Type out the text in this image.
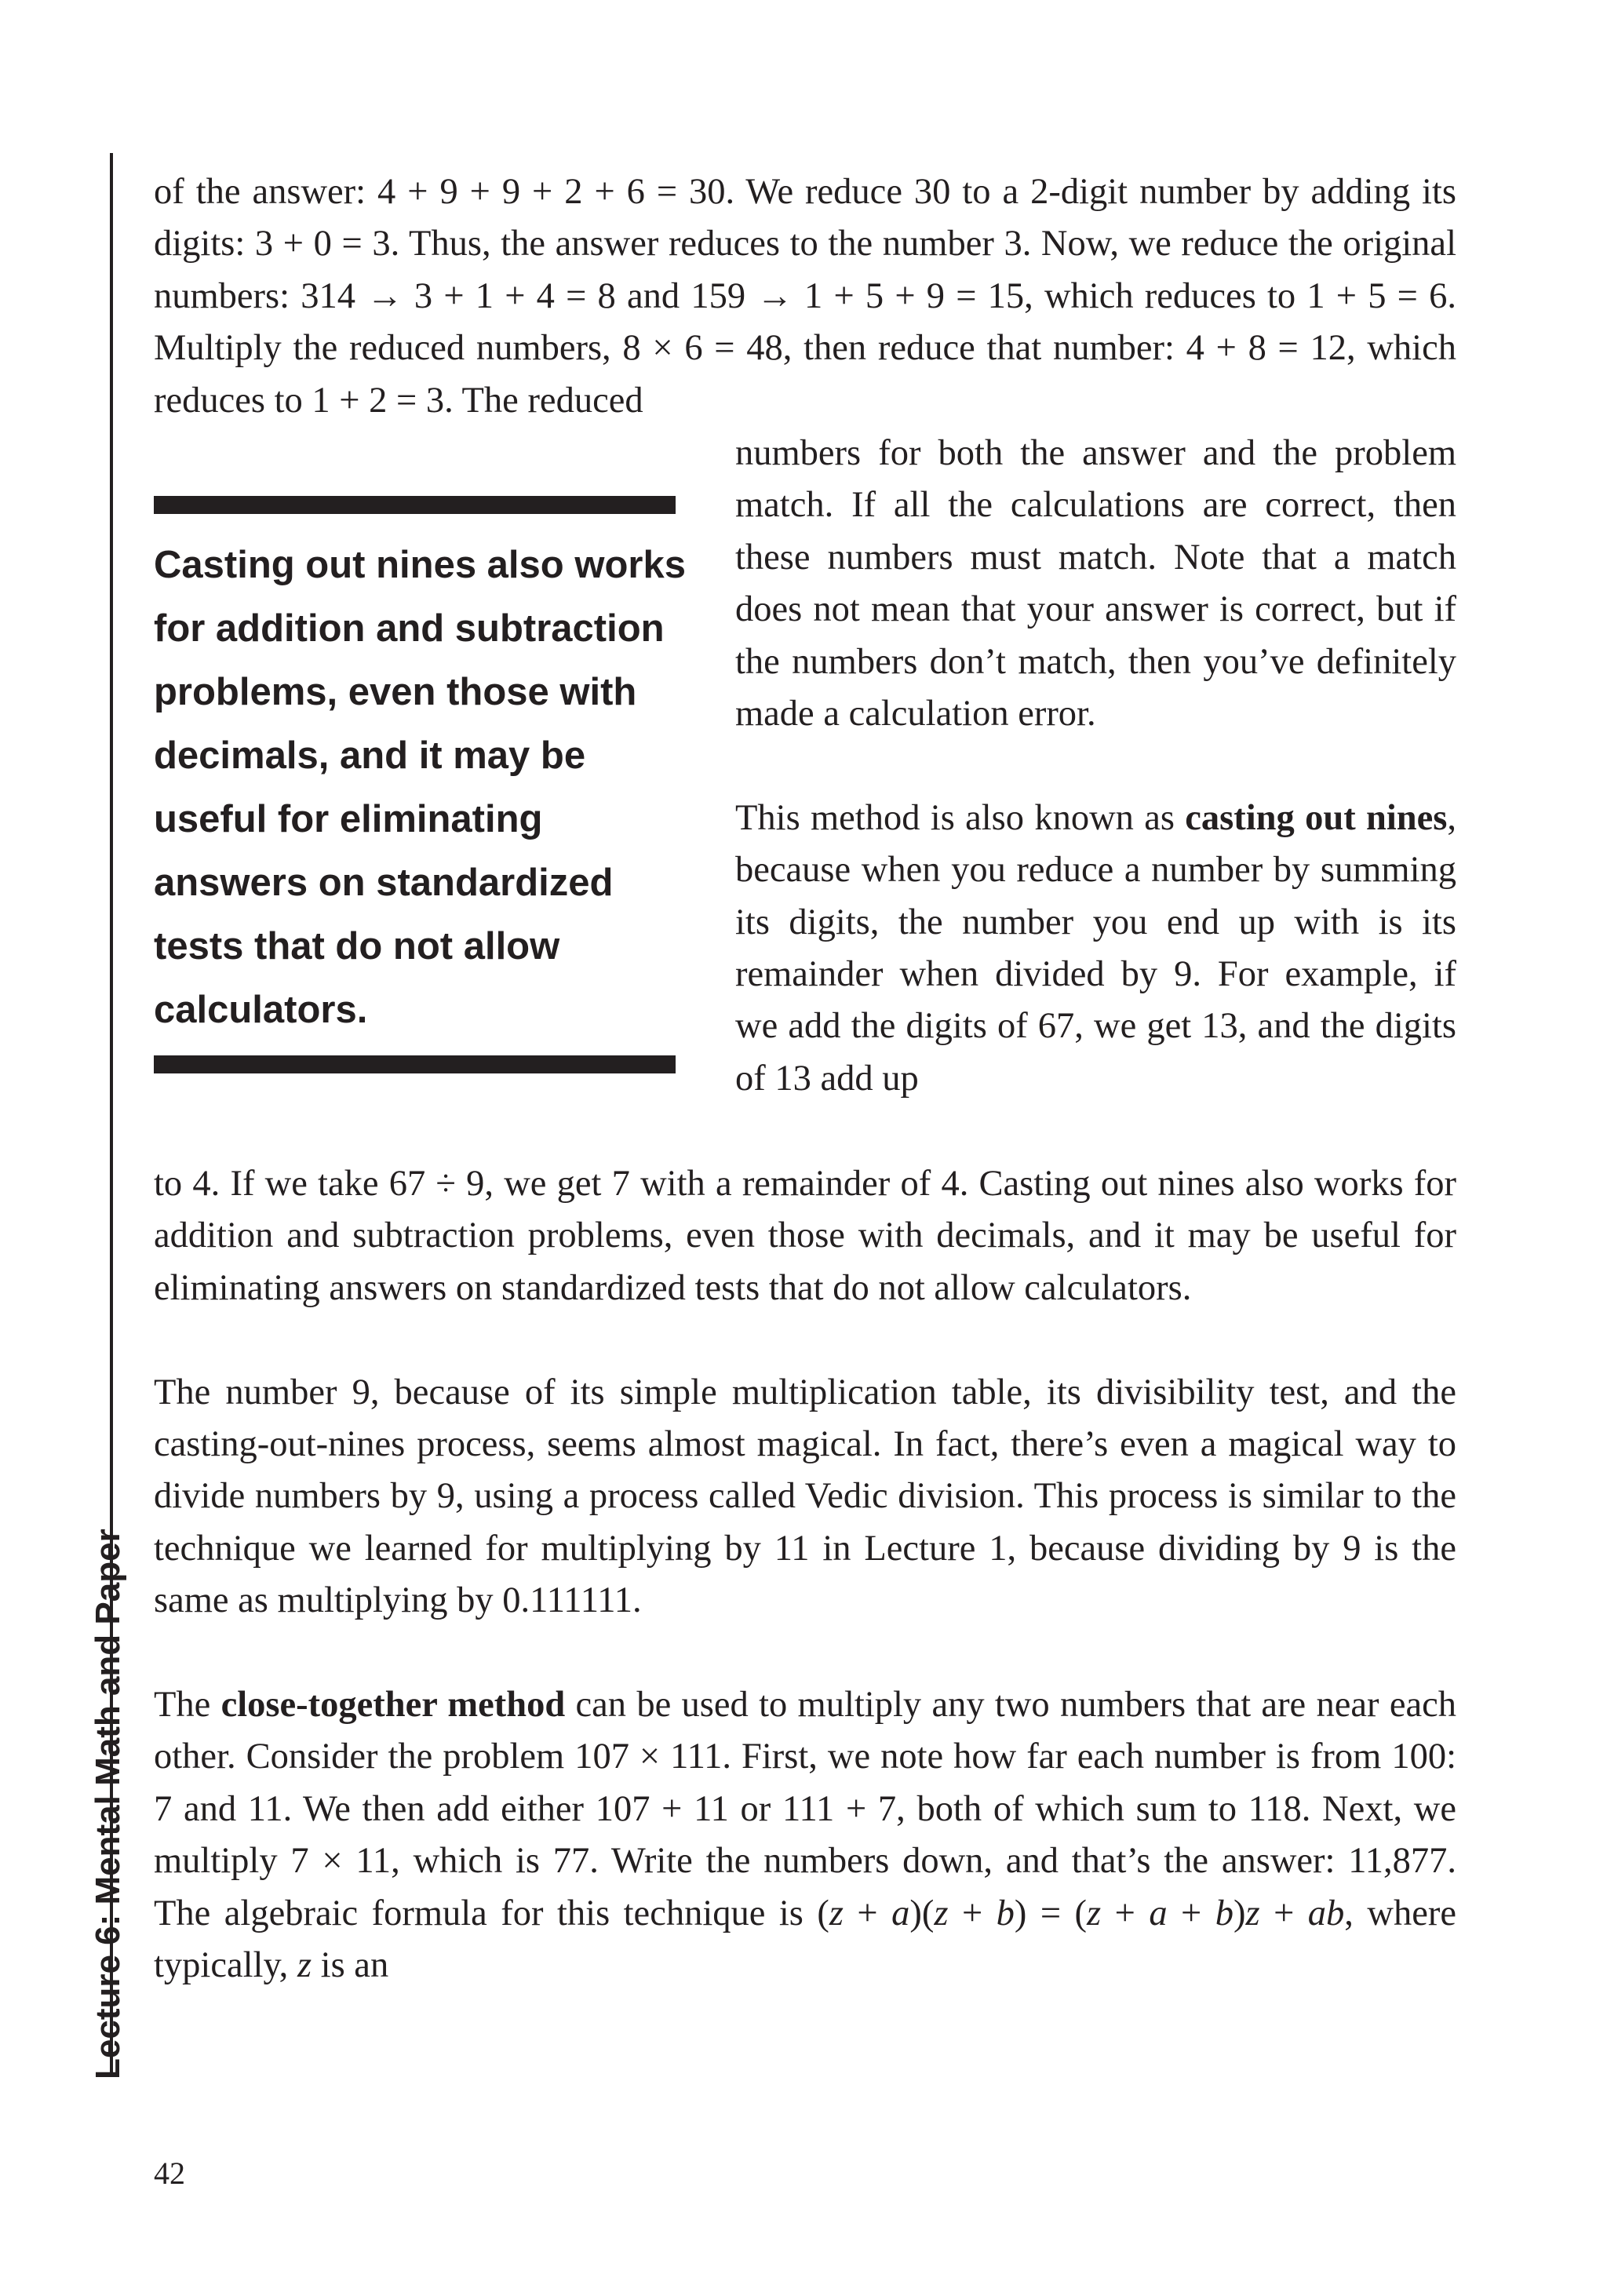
Lecture 6: Mental Math and Paper

of the answer: 4 + 9 + 9 + 2 + 6 = 30. We reduce 30 to a 2-digit number by adding its digits: 3 + 0 = 3. Thus, the answer reduces to the number 3. Now, we reduce the original numbers: 314 → 3 + 1 + 4 = 8 and 159 → 1 + 5 + 9 = 15, which reduces to 1 + 5 = 6. Multiply the reduced numbers, 8 × 6 = 48, then reduce that number: 4 + 8 = 12, which reduces to 1 + 2 = 3. The reduced

Casting out nines also works for addition and subtraction problems, even those with decimals, and it may be useful for eliminating answers on standardized tests that do not allow calculators.

numbers for both the answer and the problem match. If all the calculations are correct, then these numbers must match. Note that a match does not mean that your answer is correct, but if the numbers don’t match, then you’ve definitely made a calculation error.

This method is also known as casting out nines, because when you reduce a number by summing its digits, the number you end up with is its remainder when divided by 9. For example, if we add the digits of 67, we get 13, and the digits of 13 add up

to 4. If we take 67 ÷ 9, we get 7 with a remainder of 4. Casting out nines also works for addition and subtraction problems, even those with decimals, and it may be useful for eliminating answers on standardized tests that do not allow calculators.

The number 9, because of its simple multiplication table, its divisibility test, and the casting-out-nines process, seems almost magical. In fact, there’s even a magical way to divide numbers by 9, using a process called Vedic division. This process is similar to the technique we learned for multiplying by 11 in Lecture 1, because dividing by 9 is the same as multiplying by 0.111111.

The close-together method can be used to multiply any two numbers that are near each other. Consider the problem 107 × 111. First, we note how far each number is from 100: 7 and 11. We then add either 107 + 11 or 111 + 7, both of which sum to 118. Next, we multiply 7 × 11, which is 77. Write the numbers down, and that’s the answer: 11,877. The algebraic formula for this technique is (z + a)(z + b) = (z + a + b)z + ab, where typically, z is an

42
